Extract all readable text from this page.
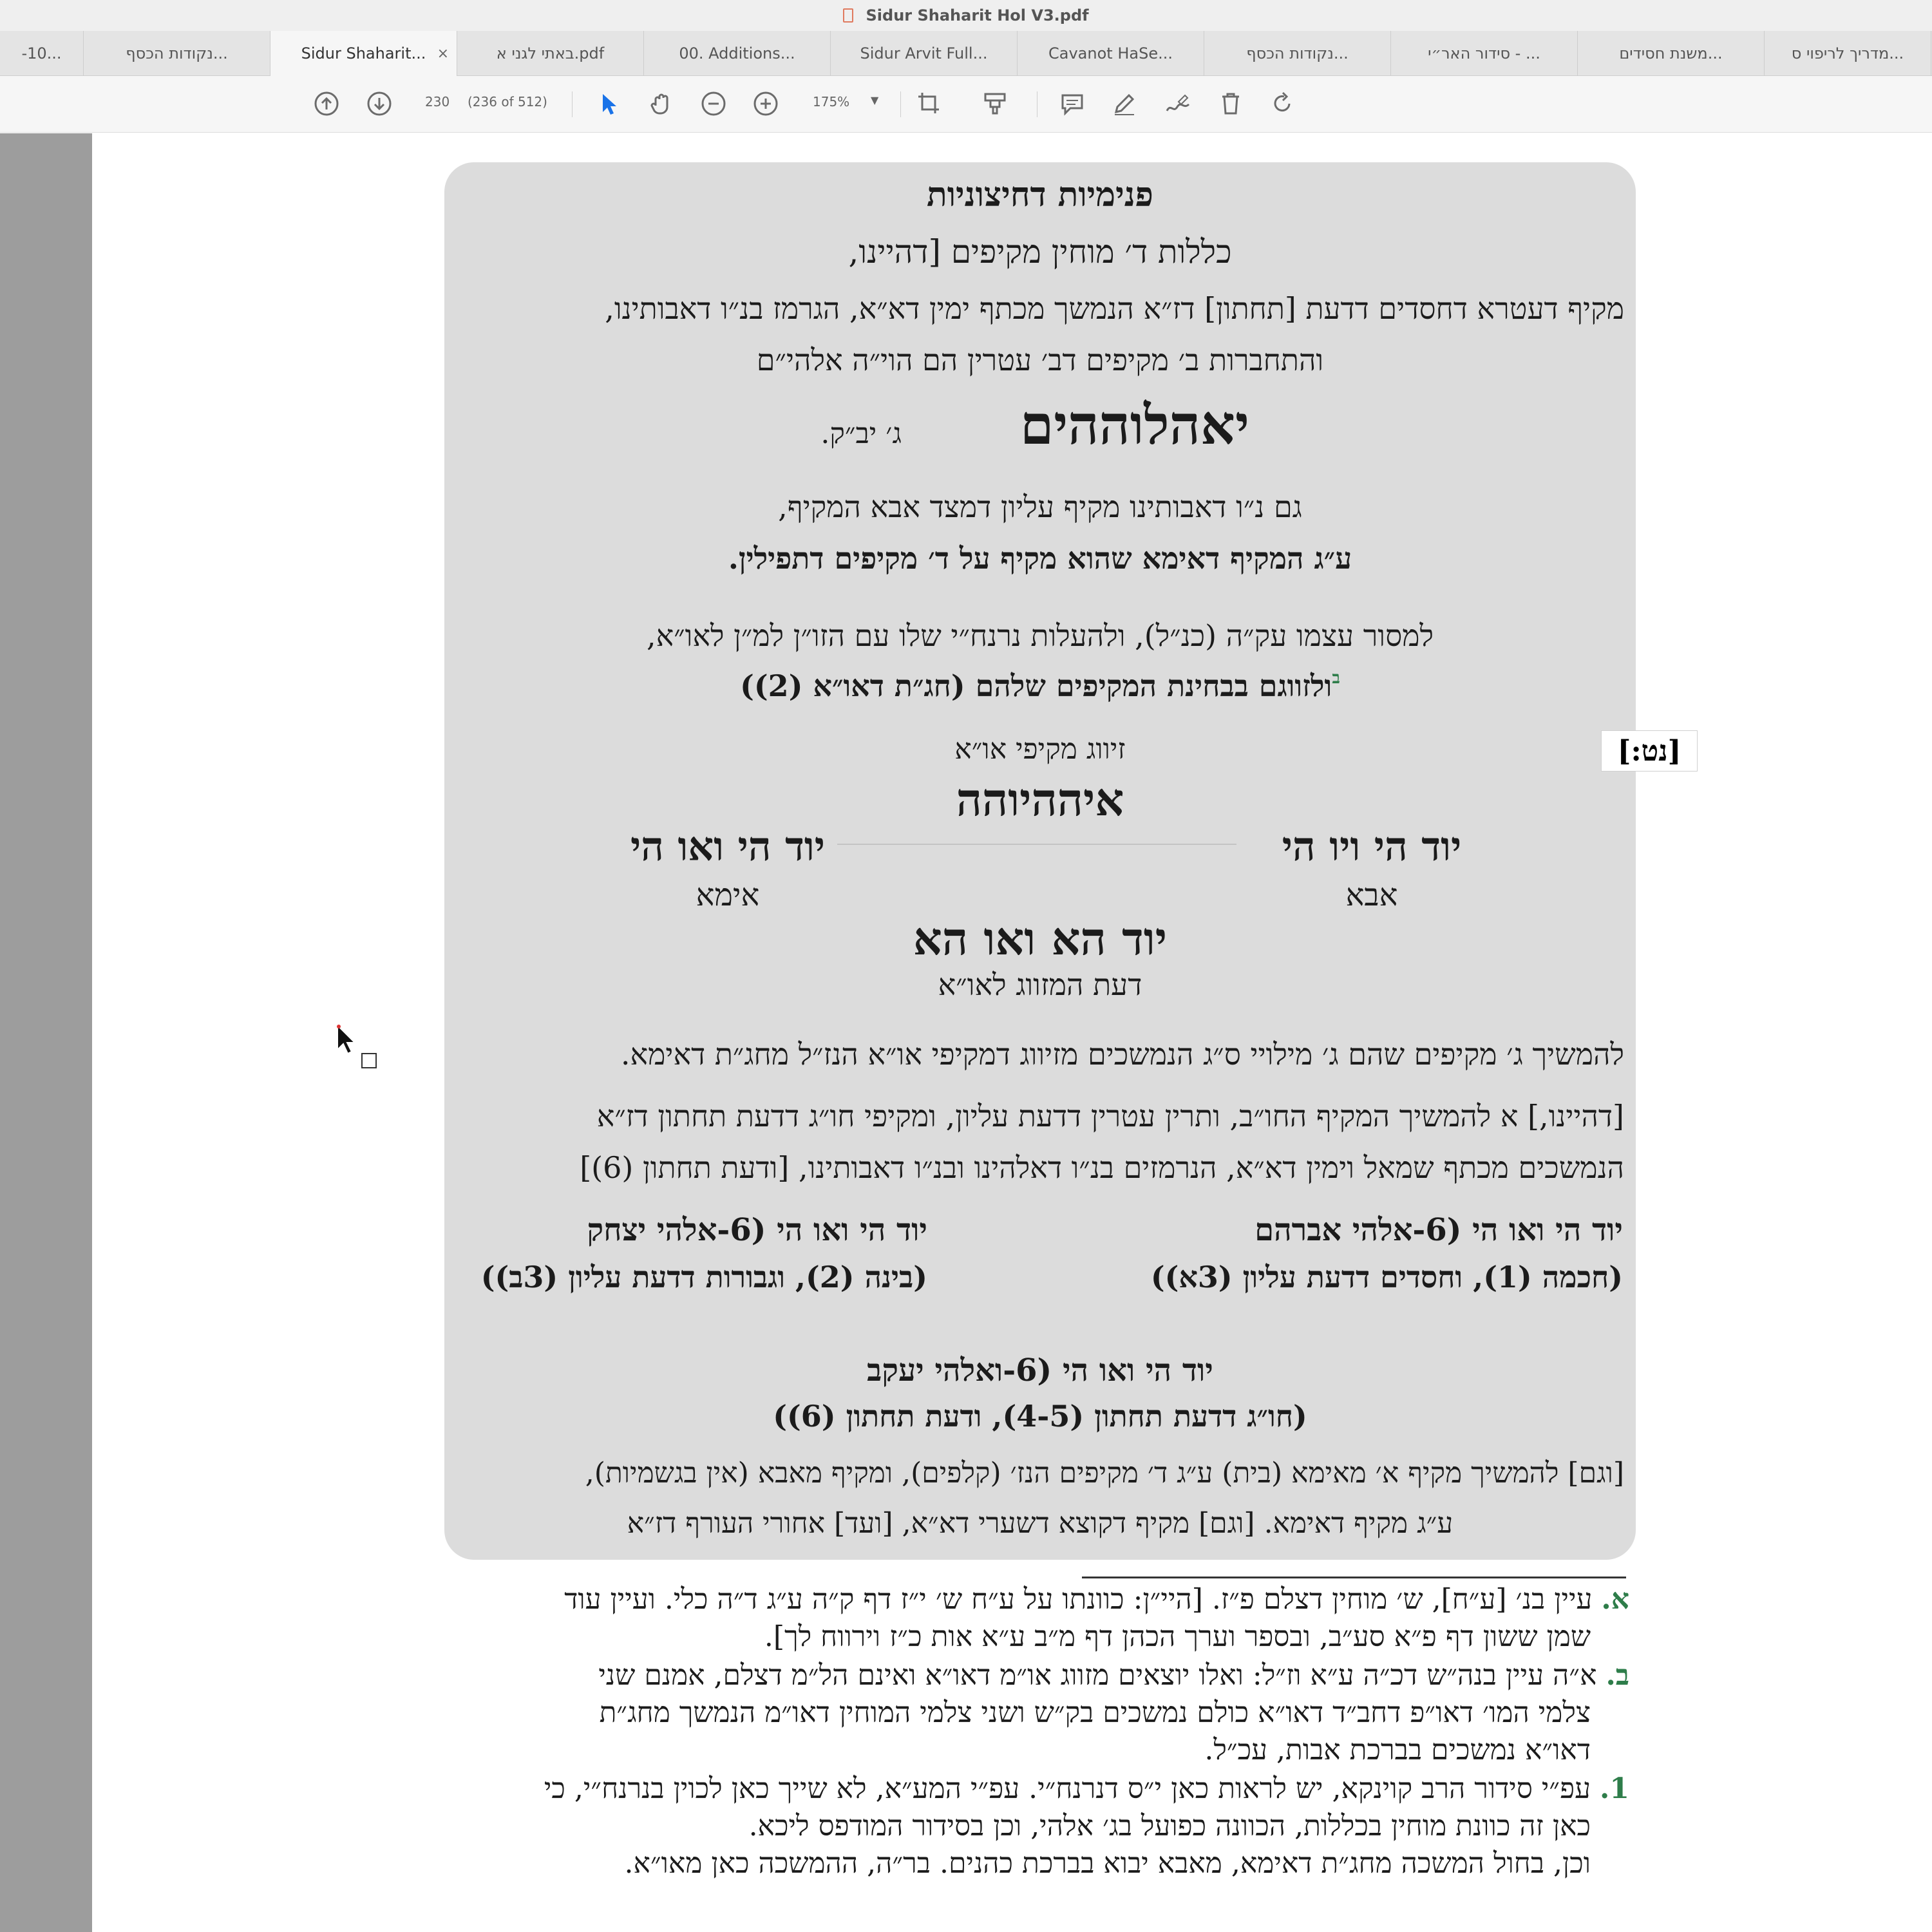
Sidur Shaharit Hol V3.pdf
-10...	נקודות הכסף...	Sidur Shaharit... ×	באתי לגני א.pdf	00. Additions...	Sidur Arvit Full...	Cavanot HaSe...	נקודות הכסף...	סידור האר״י - ...	משנת חסידים...	מדריך לריפוי ס...
230 (236 of 512)	175% ▼
פנימיות דחיצוניות
כללות ד׳ מוחין מקיפים [דהיינו,
מקיף דעטרא דחסדים דדעת [תחתון] דז״א הנמשך מכתף ימין דא״א, הגרמז בנ״ו דאבותינו,
והתחברות ב׳ מקיפים דב׳ עטרין הם הוי״ה אלהי״ם
יאהלוההים
ג׳ יב״ק.
גם נ״ו דאבותינו מקיף עליון דמצד אבא המקיף,
ע״ג המקיף דאימא שהוא מקיף על ד׳ מקיפים דתפילין.
למסור עצמו עק״ה (כנ״ל), ולהעלות נרנח״י שלו עם הזו״ן למ״ן לאו״א,
$^ב$ולזווגם בבחינת המקיפים שלהם (חג״ת דאו״א (2))
זיווג מקיפי או״א
איההיוהה
יוד הי ויו הי
אבא
יוד הי ואו הי
אימא
יוד הא ואו הא
דעת המזווג לאו״א
להמשיך ג׳ מקיפים שהם ג׳ מילויי ס״ג הנמשכים מזיווג דמקיפי או״א הנז״ל מחג״ת דאימא.
[דהיינו,] א להמשיך המקיף החו״ב, ותרין עטרין דדעת עליון, ומקיפי חו״ג דדעת תחתון דז״א
הנמשכים מכתף שמאל וימין דא״א, הנרמזים בנ״ו דאלהינו ובנ״ו דאבותינו, [ודעת תחתון (6)]
יוד הי ואו הי (6-אלהי אברהם
(חכמה (1), וחסדים דדעת עליון (3א))
יוד הי ואו הי (6-אלהי יצחק
(בינה (2), וגבורות דדעת עליון (3ב))
יוד הי ואו הי (6-ואלהי יעקב
(חו״ג דדעת תחתון (4-5), ודעת תחתון (6))
[וגם] להמשיך מקיף א׳ מאימא (בית) ע״ג ד׳ מקיפים הנז׳ (קלפים), ומקיף מאבא (אין בגשמיות),
ע״ג מקיף דאימא. [וגם] מקיף דקוצא דשערי דא״א, [ועד] אחורי העורף דז״א
[נט:]
א. עיין בנ׳ [ע״ח], ש׳ מוחין דצלם פ״ז. [היי״ן: כוונתו על ע״ח ש׳ י״ז דף ק״ה ע״ג ד״ה כלי. ועיין עוד
שמן ששון דף פ״א סע״ב, ובספר וערך הכהן דף מ״ב ע״א אות כ״ז וירווח לך].
ב. א״ה עיין בנה״ש דכ״ה ע״א וז״ל: ואלו יוצאים מזווג או״מ דאו״א ואינם הל״מ דצלם, אמנם שני
צלמי המו׳ דאו״פ דחב״ד דאו״א כולם נמשכים בק״ש ושני צלמי המוחין דאו״מ הנמשך מחג״ת
דאו״א נמשכים בברכת אבות, עכ״ל.
1. עפ״י סידור הרב קוינקא, יש לראות כאן י״ס דנרנח״י. עפ״י המע״א, לא שייך כאן לכוין בנרנח״י, כי
כאן זה כוונת מוחין בכללות, הכוונה כפועל בג׳ אלהי, וכן בסידור המודפס ליכא.
וכן, בחול המשכה מחג״ת דאימא, מאבא יבוא בברכת כהנים. בר״ה, ההמשכה כאן מאו״א.
